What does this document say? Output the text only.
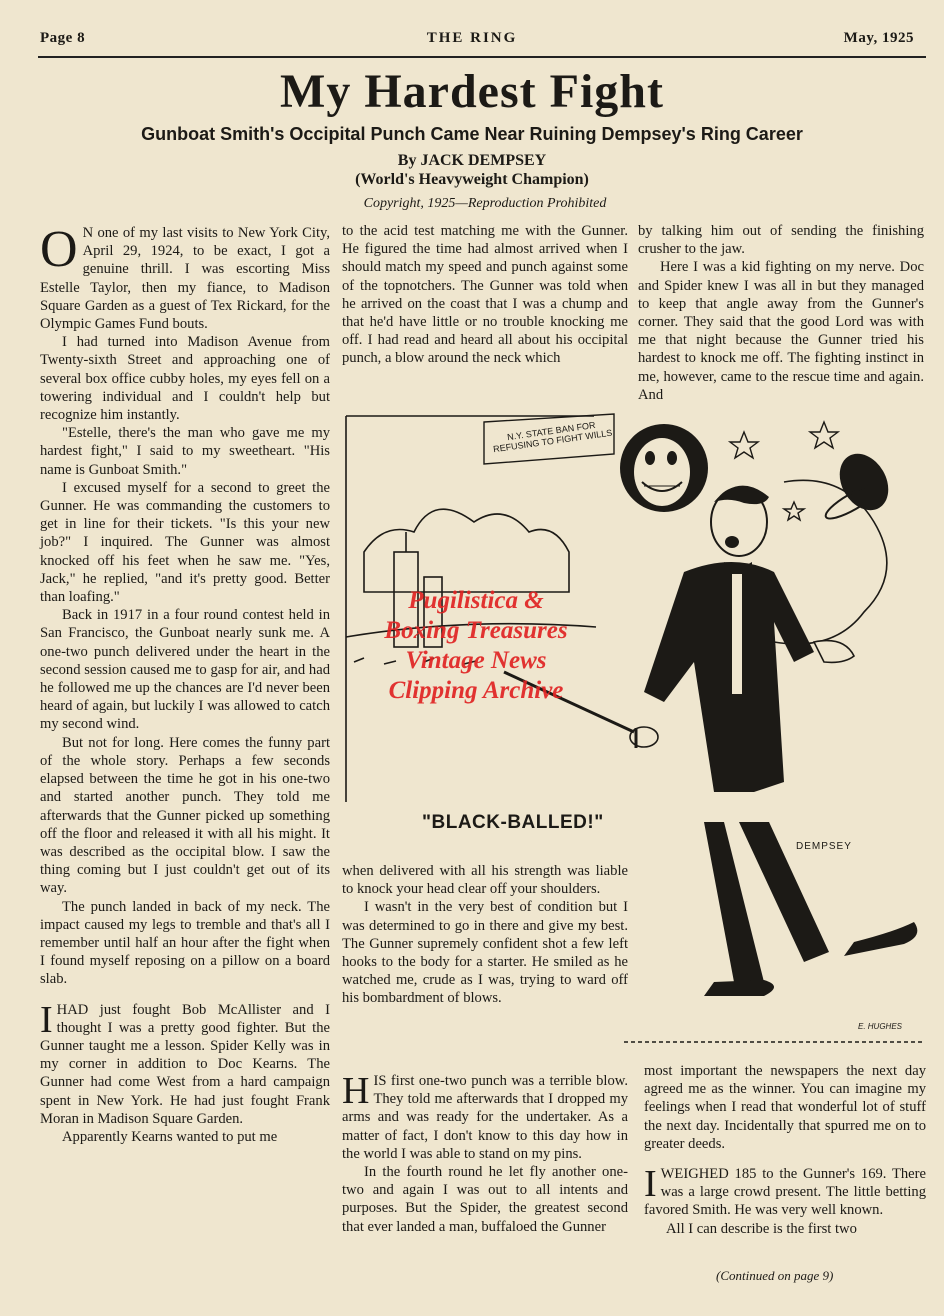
Page 8	THE RING	May, 1925
My Hardest Fight
Gunboat Smith's Occipital Punch Came Near Ruining Dempsey's Ring Career
By JACK DEMPSEY
(World's Heavyweight Champion)
Copyright, 1925—Reproduction Prohibited

O N one of my last visits to New York City, April 29, 1924, to be exact, I got a genuine thrill. I was escorting Miss Estelle Taylor, then my fiance, to Madison Square Garden as a guest of Tex Rickard, for the Olympic Games Fund bouts.

I had turned into Madison Avenue from Twenty-sixth Street and approaching one of several box office cubby holes, my eyes fell on a towering individual and I couldn't help but recognize him instantly.

"Estelle, there's the man who gave me my hardest fight," I said to my sweetheart. "His name is Gunboat Smith."

I excused myself for a second to greet the Gunner. He was commanding the customers to get in line for their tickets. "Is this your new job?" I inquired. The Gunner was almost knocked off his feet when he saw me. "Yes, Jack," he replied, "and it's pretty good. Better than loafing."

Back in 1917 in a four round contest held in San Francisco, the Gunboat nearly sunk me. A one-two punch delivered under the heart in the second session caused me to gasp for air, and had he followed me up the chances are I'd never been heard of again, but luckily I was allowed to catch my second wind.

But not for long. Here comes the funny part of the whole story. Perhaps a few seconds elapsed between the time he got in his one-two and started another punch. They told me afterwards that the Gunner picked up something off the floor and released it with all his might. It was described as the occipital blow. I saw the thing coming but I just couldn't get out of its way.

The punch landed in back of my neck. The impact caused my legs to tremble and that's all I remember until half an hour after the fight when I found myself reposing on a pillow on a board slab.

IHAD just fought Bob McAllister and I thought I was a pretty good fighter. But the Gunner taught me a lesson. Spider Kelly was in my corner in addition to Doc Kearns. The Gunner had come West from a hard campaign spent in New York. He had just fought Frank Moran in Madison Square Garden.

Apparently Kearns wanted to put me

to the acid test matching me with the Gunner. He figured the time had almost arrived when I should match my speed and punch against some of the topnotchers. The Gunner was told when he arrived on the coast that I was a chump and that he'd have little or no trouble knocking me off. I had read and heard all about his occipital punch, a blow around the neck which

by talking him out of sending the finishing crusher to the jaw.

Here I was a kid fighting on my nerve. Doc and Spider knew I was all in but they managed to keep that angle away from the Gunner's corner. They said that the good Lord was with me that night because the Gunner tried his hardest to knock me off. The fighting instinct in me, however, came to the rescue time and again. And

N.Y. STATE BAN FOR REFUSING TO FIGHT WILLS
"BLACK-BALLED!"
DEMPSEY
E. HUGHES
Pugilistica &
Boxing Treasures
Vintage News
Clipping Archive

when delivered with all his strength was liable to knock your head clear off your shoulders.

I wasn't in the very best of condition but I was determined to go in there and give my best. The Gunner supremely confident shot a few left hooks to the body for a starter. He smiled as he watched me, crude as I was, trying to ward off his bombardment of blows.

HIS first one-two punch was a terrible blow. They told me afterwards that I dropped my arms and was ready for the undertaker. As a matter of fact, I don't know to this day how in the world I was able to stand on my pins.

In the fourth round he let fly another one-two and again I was out to all intents and purposes. But the Spider, the greatest second that ever landed a man, buffaloed the Gunner

most important the newspapers the next day agreed me as the winner. You can imagine my feelings when I read that wonderful lot of stuff the next day. Incidentally that spurred me on to greater deeds.

IWEIGHED 185 to the Gunner's 169. There was a large crowd present. The little betting favored Smith. He was very well known.

All I can describe is the first two

(Continued on page 9)
